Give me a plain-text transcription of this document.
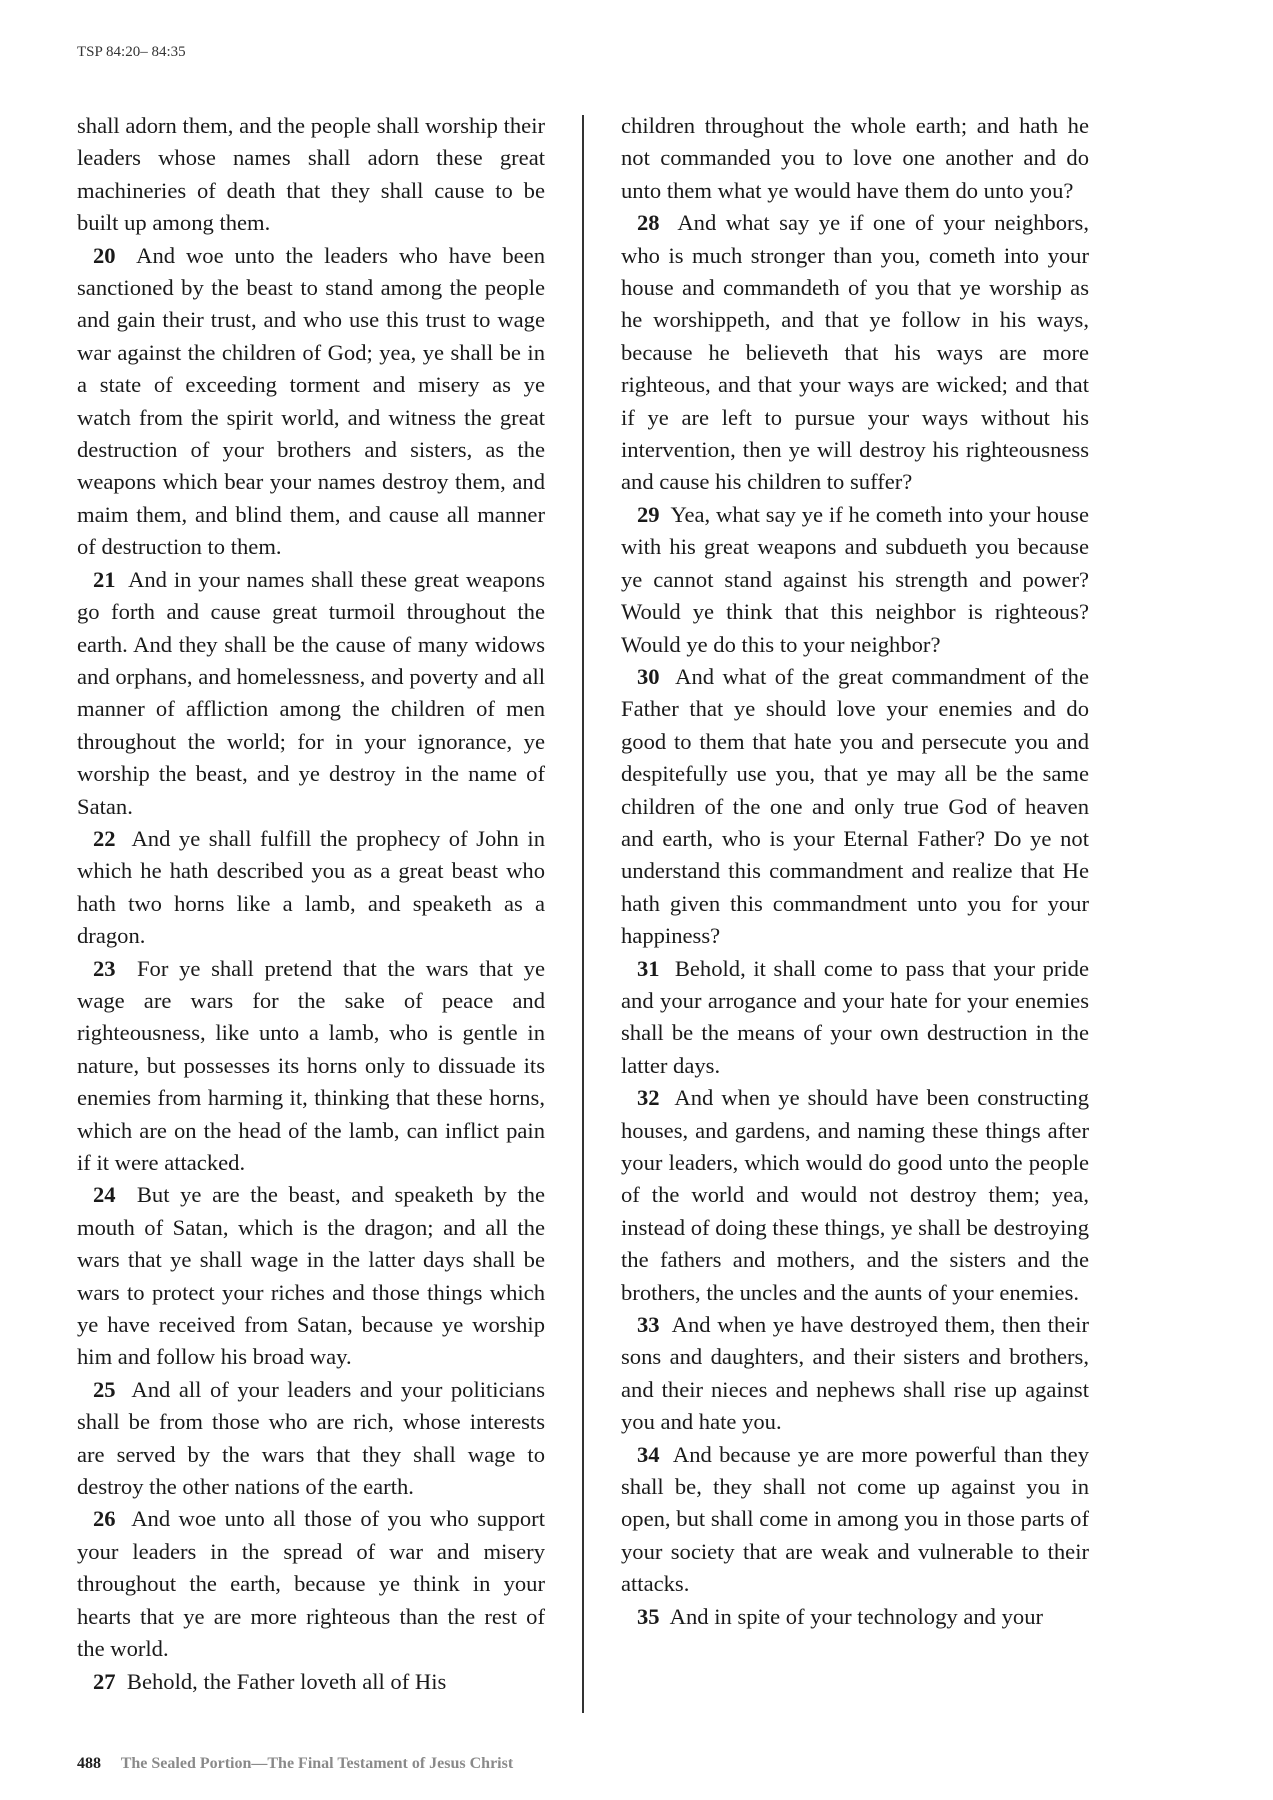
TSP 84:20– 84:35

shall adorn them, and the people shall worship their leaders whose names shall adorn these great machineries of death that they shall cause to be built up among them.

20 And woe unto the leaders who have been sanctioned by the beast to stand among the people and gain their trust, and who use this trust to wage war against the children of God; yea, ye shall be in a state of exceeding torment and misery as ye watch from the spirit world, and witness the great destruction of your brothers and sisters, as the weapons which bear your names destroy them, and maim them, and blind them, and cause all manner of destruction to them.

21 And in your names shall these great weapons go forth and cause great turmoil throughout the earth. And they shall be the cause of many widows and orphans, and homelessness, and poverty and all manner of affliction among the children of men throughout the world; for in your ignorance, ye worship the beast, and ye destroy in the name of Satan.

22 And ye shall fulfill the prophecy of John in which he hath described you as a great beast who hath two horns like a lamb, and speaketh as a dragon.

23 For ye shall pretend that the wars that ye wage are wars for the sake of peace and righteousness, like unto a lamb, who is gentle in nature, but possesses its horns only to dissuade its enemies from harming it, thinking that these horns, which are on the head of the lamb, can inflict pain if it were attacked.

24 But ye are the beast, and speaketh by the mouth of Satan, which is the dragon; and all the wars that ye shall wage in the latter days shall be wars to protect your riches and those things which ye have received from Satan, because ye worship him and follow his broad way.

25 And all of your leaders and your politicians shall be from those who are rich, whose interests are served by the wars that they shall wage to destroy the other nations of the earth.

26 And woe unto all those of you who support your leaders in the spread of war and misery throughout the earth, because ye think in your hearts that ye are more righteous than the rest of the world.

27 Behold, the Father loveth all of His

children throughout the whole earth; and hath he not commanded you to love one another and do unto them what ye would have them do unto you?

28 And what say ye if one of your neighbors, who is much stronger than you, cometh into your house and commandeth of you that ye worship as he worshippeth, and that ye follow in his ways, because he believeth that his ways are more righteous, and that your ways are wicked; and that if ye are left to pursue your ways without his intervention, then ye will destroy his righteousness and cause his children to suffer?

29 Yea, what say ye if he cometh into your house with his great weapons and subdueth you because ye cannot stand against his strength and power? Would ye think that this neighbor is righteous? Would ye do this to your neighbor?

30 And what of the great commandment of the Father that ye should love your enemies and do good to them that hate you and persecute you and despitefully use you, that ye may all be the same children of the one and only true God of heaven and earth, who is your Eternal Father? Do ye not understand this commandment and realize that He hath given this commandment unto you for your happiness?

31 Behold, it shall come to pass that your pride and your arrogance and your hate for your enemies shall be the means of your own destruction in the latter days.

32 And when ye should have been constructing houses, and gardens, and naming these things after your leaders, which would do good unto the people of the world and would not destroy them; yea, instead of doing these things, ye shall be destroying the fathers and mothers, and the sisters and the brothers, the uncles and the aunts of your enemies.

33 And when ye have destroyed them, then their sons and daughters, and their sisters and brothers, and their nieces and nephews shall rise up against you and hate you.

34 And because ye are more powerful than they shall be, they shall not come up against you in open, but shall come in among you in those parts of your society that are weak and vulnerable to their attacks.

35 And in spite of your technology and your

488 The Sealed Portion—The Final Testament of Jesus Christ
